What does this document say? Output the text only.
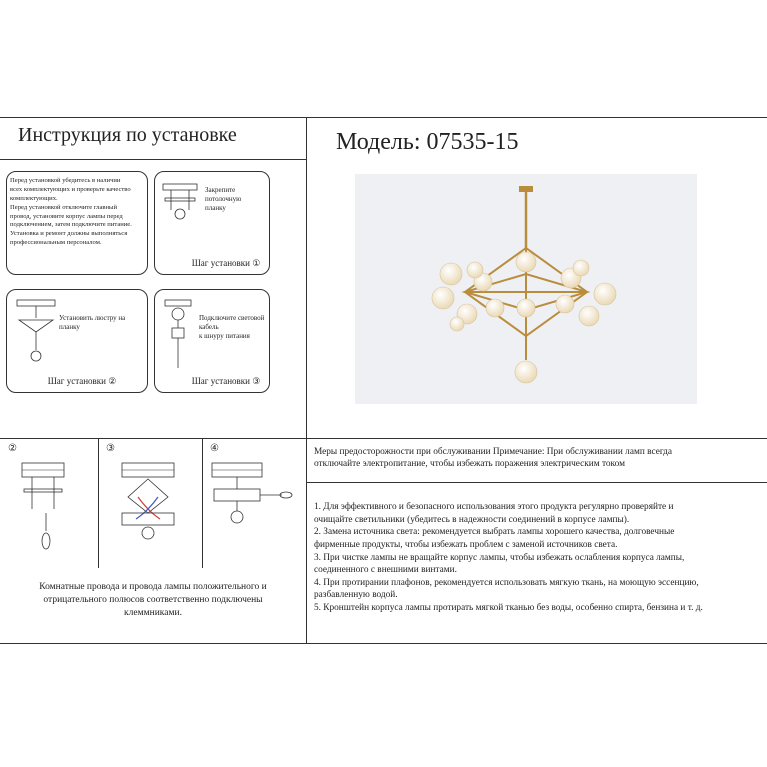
Инструкция по установке
Перед установкой убедитесь в наличии
всех комплектующих и проверьте качество
комплектующих.
Перед установкой отключите главный
провод, установите корпус лампы перед
подключением, затем подключите питание.
Установка и ремонт должны выполняться
профессиональным персоналом.
Закрепите потолочную
планку
Шаг установки ①
Установить люстру на
планку
Шаг установки ②
Подключите световой кабель
к шнуру питания
Шаг установки ③
②	③	④
Комнатные провода и провода лампы положительного и
отрицательного полюсов соответственно подключены
клеммниками.
Модель: 07535-15
Меры предосторожности при обслуживании Примечание: При обслуживании ламп всегда
отключайте электропитание, чтобы избежать поражения электрическим током
1. Для эффективного и безопасного использования этого продукта регулярно проверяйте и
очищайте светильники (убедитесь в надежности соединений в корпусе лампы).
2. Замена источника света: рекомендуется выбрать лампы хорошего качества, долговечные
фирменные продукты, чтобы избежать проблем с заменой источников света.
3. При чистке лампы не вращайте корпус лампы, чтобы избежать ослабления корпуса лампы,
соединенного с внешними винтами.
4. При протирании плафонов, рекомендуется использовать мягкую ткань, на моющую эссенцию,
разбавленную водой.
5. Кронштейн корпуса лампы протирать мягкой тканью без воды, особенно спирта, бензина и т. д.
